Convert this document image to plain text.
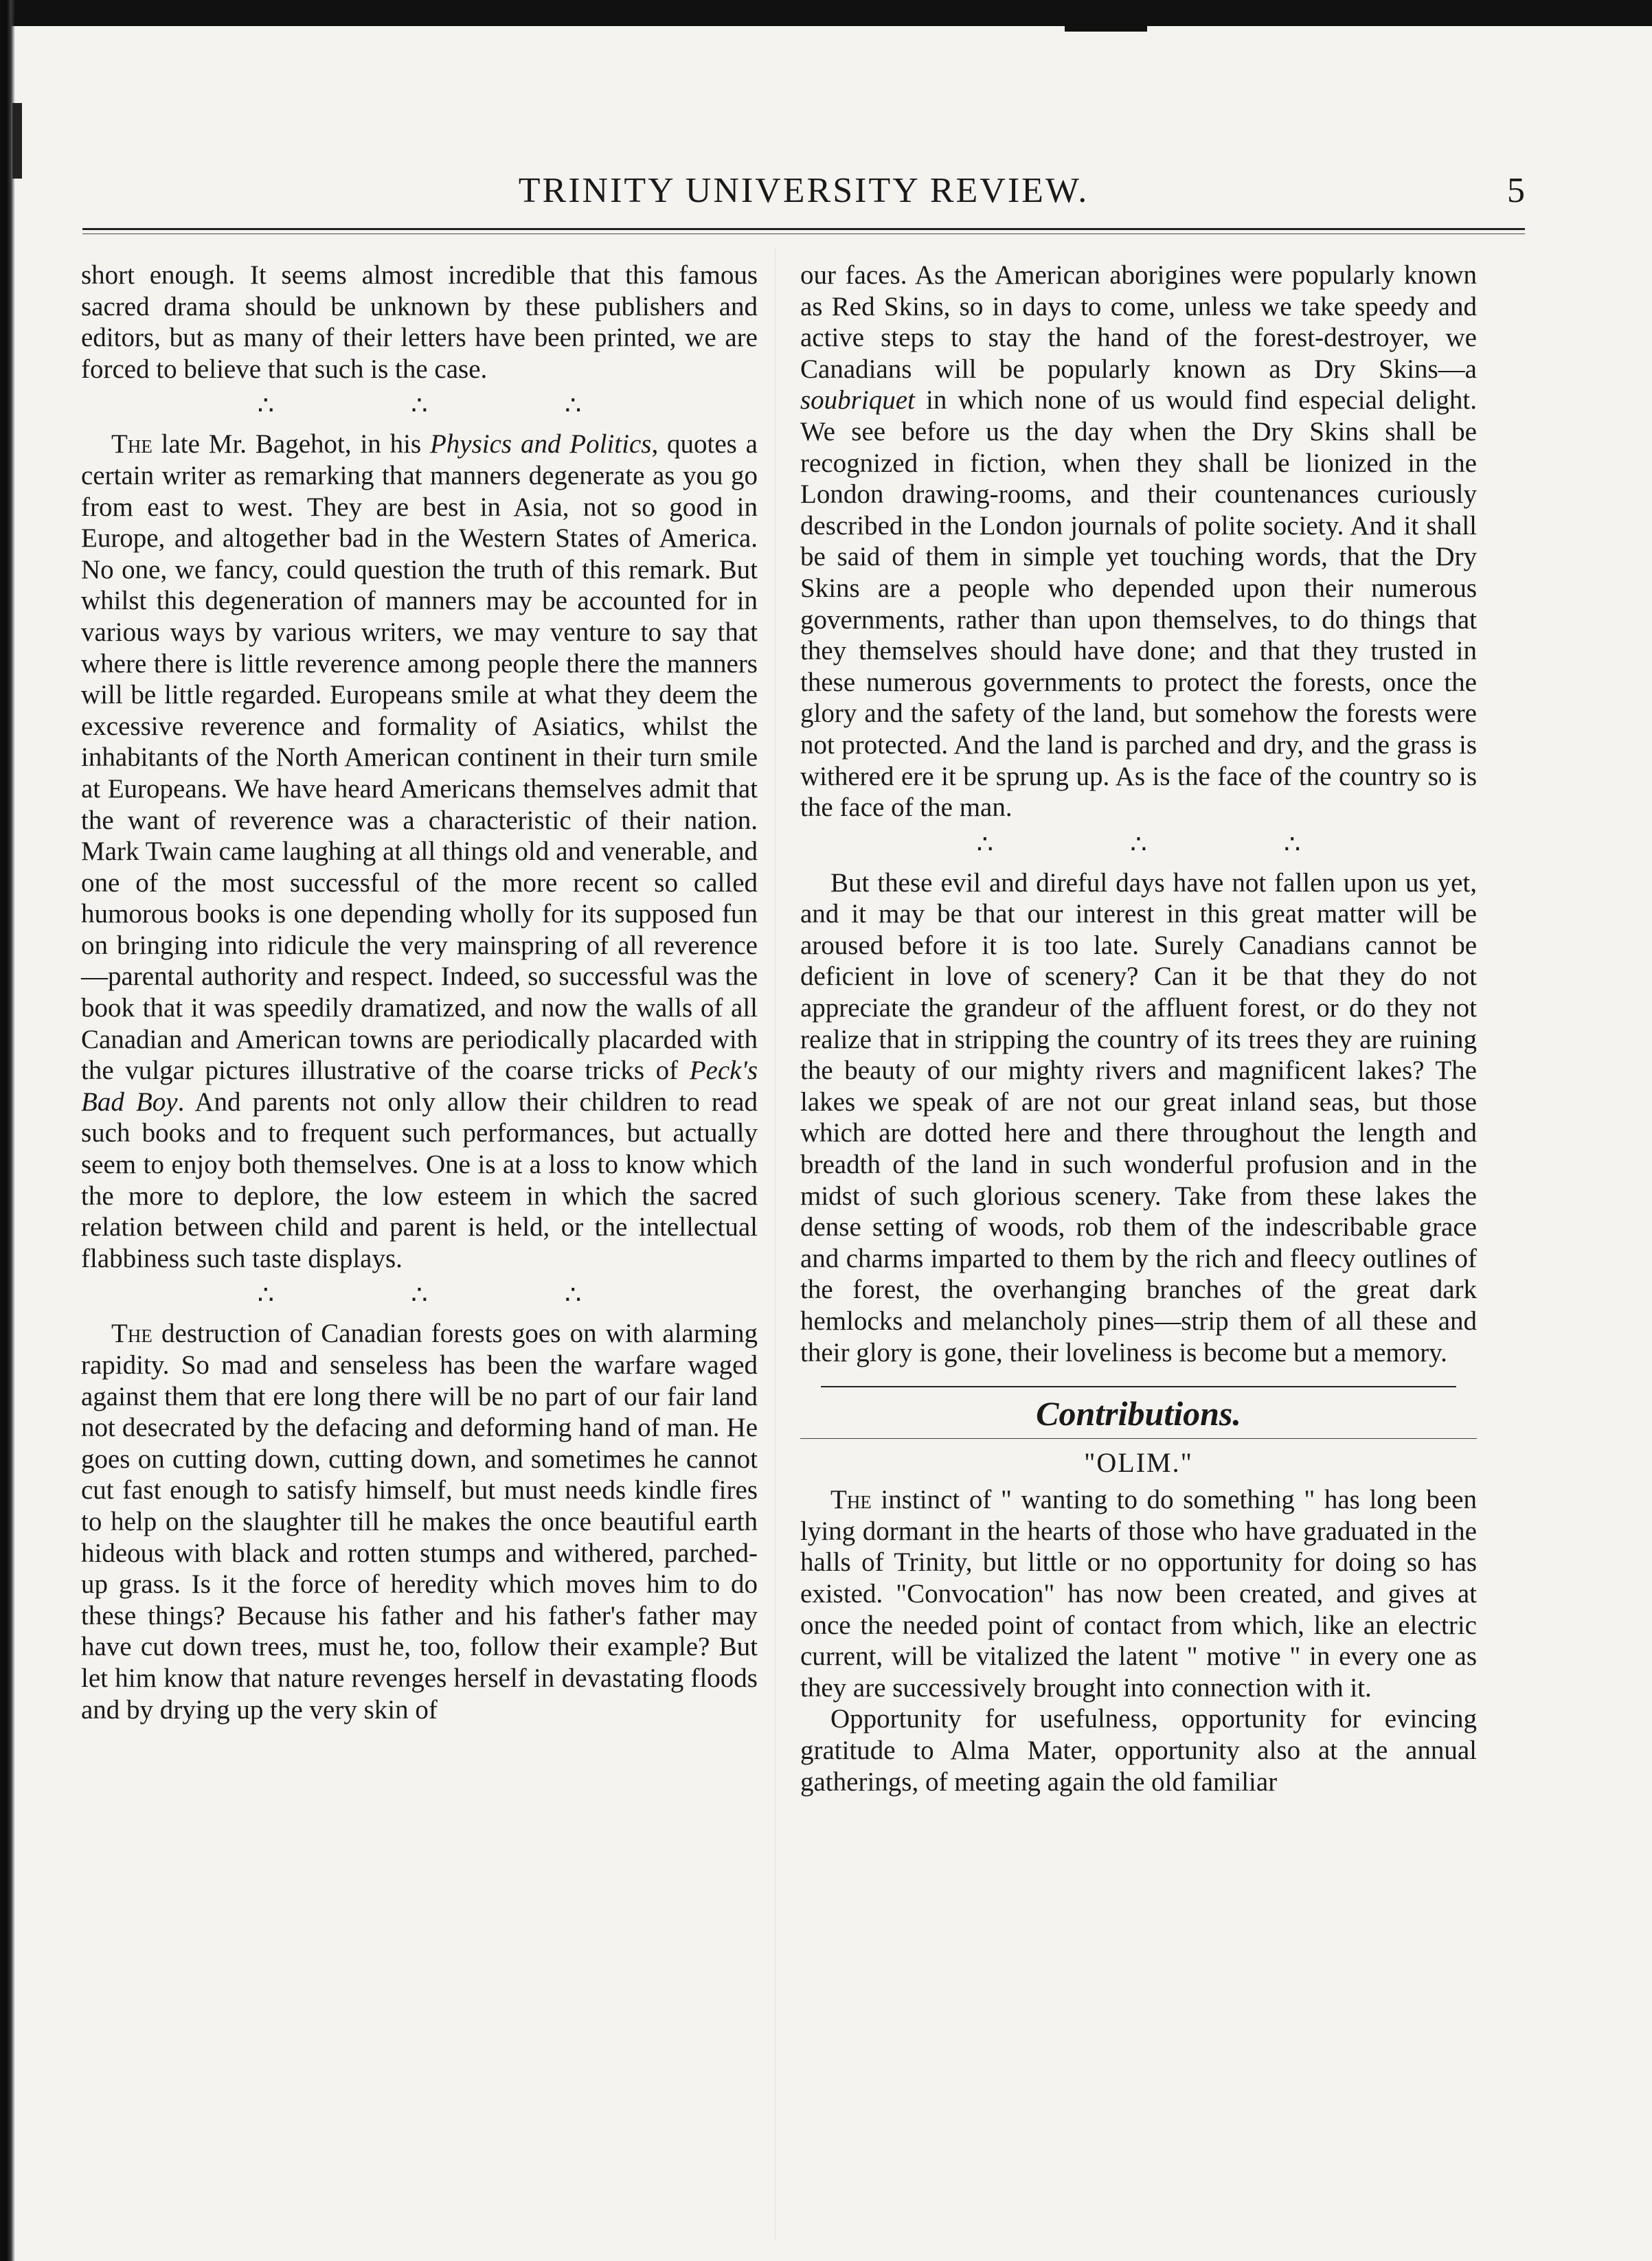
TRINITY UNIVERSITY REVIEW.	5

short enough. It seems almost incredible that this famous sacred drama should be unknown by these publishers and editors, but as many of their letters have been printed, we are forced to believe that such is the case.

∴ ∴ ∴

The late Mr. Bagehot, in his Physics and Politics, quotes a certain writer as remarking that manners degenerate as you go from east to west. They are best in Asia, not so good in Europe, and altogether bad in the Western States of America. No one, we fancy, could question the truth of this remark. But whilst this degeneration of manners may be accounted for in various ways by various writers, we may venture to say that where there is little reverence among people there the manners will be little regarded. Europeans smile at what they deem the excessive reverence and formality of Asiatics, whilst the inhabitants of the North American continent in their turn smile at Europeans. We have heard Americans themselves admit that the want of reverence was a characteristic of their nation. Mark Twain came laughing at all things old and venerable, and one of the most successful of the more recent so called humorous books is one depending wholly for its supposed fun on bringing into ridicule the very mainspring of all reverence—parental authority and respect. Indeed, so successful was the book that it was speedily dramatized, and now the walls of all Canadian and American towns are periodically placarded with the vulgar pictures illustrative of the coarse tricks of Peck's Bad Boy. And parents not only allow their children to read such books and to frequent such performances, but actually seem to enjoy both themselves. One is at a loss to know which the more to deplore, the low esteem in which the sacred relation between child and parent is held, or the intellectual flabbiness such taste displays.

∴ ∴ ∴

The destruction of Canadian forests goes on with alarming rapidity. So mad and senseless has been the warfare waged against them that ere long there will be no part of our fair land not desecrated by the defacing and deforming hand of man. He goes on cutting down, cutting down, and sometimes he cannot cut fast enough to satisfy himself, but must needs kindle fires to help on the slaughter till he makes the once beautiful earth hideous with black and rotten stumps and withered, parched-up grass. Is it the force of heredity which moves him to do these things? Because his father and his father's father may have cut down trees, must he, too, follow their example? But let him know that nature revenges herself in devastating floods and by drying up the very skin of

our faces. As the American aborigines were popularly known as Red Skins, so in days to come, unless we take speedy and active steps to stay the hand of the forest-destroyer, we Canadians will be popularly known as Dry Skins—a soubriquet in which none of us would find especial delight. We see before us the day when the Dry Skins shall be recognized in fiction, when they shall be lionized in the London drawing-rooms, and their countenances curiously described in the London journals of polite society. And it shall be said of them in simple yet touching words, that the Dry Skins are a people who depended upon their numerous governments, rather than upon themselves, to do things that they themselves should have done; and that they trusted in these numerous governments to protect the forests, once the glory and the safety of the land, but somehow the forests were not protected. And the land is parched and dry, and the grass is withered ere it be sprung up. As is the face of the country so is the face of the man.

∴ ∴ ∴

But these evil and direful days have not fallen upon us yet, and it may be that our interest in this great matter will be aroused before it is too late. Surely Canadians cannot be deficient in love of scenery? Can it be that they do not appreciate the grandeur of the affluent forest, or do they not realize that in stripping the country of its trees they are ruining the beauty of our mighty rivers and magnificent lakes? The lakes we speak of are not our great inland seas, but those which are dotted here and there throughout the length and breadth of the land in such wonderful profusion and in the midst of such glorious scenery. Take from these lakes the dense setting of woods, rob them of the indescribable grace and charms imparted to them by the rich and fleecy outlines of the forest, the overhanging branches of the great dark hemlocks and melancholy pines—strip them of all these and their glory is gone, their loveliness is become but a memory.

Contributions.
"OLIM."

The instinct of " wanting to do something " has long been lying dormant in the hearts of those who have graduated in the halls of Trinity, but little or no opportunity for doing so has existed. "Convocation" has now been created, and gives at once the needed point of contact from which, like an electric current, will be vitalized the latent " motive " in every one as they are successively brought into connection with it.

Opportunity for usefulness, opportunity for evincing gratitude to Alma Mater, opportunity also at the annual gatherings, of meeting again the old familiar
